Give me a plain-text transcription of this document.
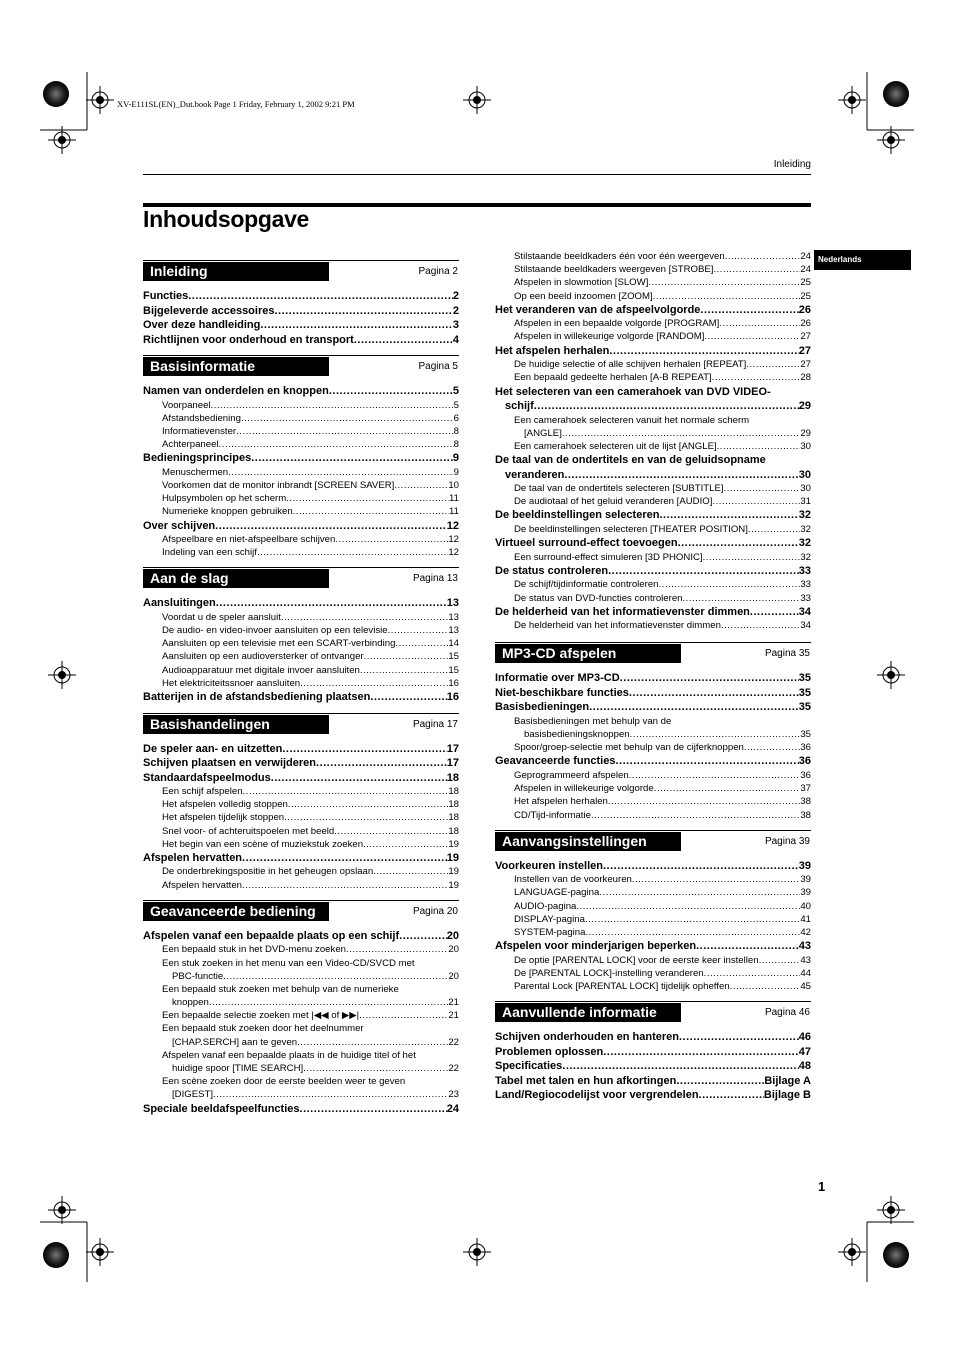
XV-E111SL(EN)_Dut.book Page 1 Friday, February 1, 2002 9:21 PM
Inleiding
Inhoudsopgave
Nederlands
1
Inleiding	Pagina 2
Functies .....	2
Bijgeleverde accessoires .....	2
Over deze handleiding .....	3
Richtlijnen voor onderhoud en transport .....	4
Basisinformatie	Pagina 5
Namen van onderdelen en knoppen .....	5
Voorpaneel .....	5
Afstandsbediening .....	6
Informatievenster .....	8
Achterpaneel .....	8
Bedieningsprincipes .....	9
Menuschermen .....	9
Voorkomen dat de monitor inbrandt [SCREEN SAVER] .....	10
Hulpsymbolen op het scherm .....	11
Numerieke knoppen gebruiken .....	11
Over schijven .....	12
Afspeelbare en niet-afspeelbare schijven .....	12
Indeling van een schijf .....	12
Aan de slag	Pagina 13
Aansluitingen .....	13
Voordat u de speler aansluit .....	13
De audio- en video-invoer aansluiten op een televisie .....	13
Aansluiten op een televisie met een SCART-verbinding .....	14
Aansluiten op een audioversterker of ontvanger .....	15
Audioapparatuur met digitale invoer aansluiten .....	15
Het elektriciteitssnoer aansluiten .....	16
Batterijen in de afstandsbediening plaatsen .....	16
Basishandelingen	Pagina 17
De speler aan- en uitzetten .....	17
Schijven plaatsen en verwijderen .....	17
Standaardafspeelmodus .....	18
Een schijf afspelen .....	18
Het afspelen volledig stoppen .....	18
Het afspelen tijdelijk stoppen .....	18
Snel voor- of achteruitspoelen met beeld .....	18
Het begin van een scène of muziekstuk zoeken .....	19
Afspelen hervatten .....	19
De onderbrekingspositie in het geheugen opslaan .....	19
Afspelen hervatten .....	19
Geavanceerde bediening	Pagina 20
Afspelen vanaf een bepaalde plaats op een schijf .....	20
Een bepaald stuk in het DVD-menu zoeken .....	20
Een stuk zoeken in het menu van een Video-CD/SVCD met
PBC-functie .....	20
Een bepaald stuk zoeken met behulp van de numerieke
knoppen .....	21
Een bepaalde selectie zoeken met |◀◀ of ▶▶| .....	21
Een bepaald stuk zoeken door het deelnummer
[CHAP.SERCH] aan te geven .....	22
Afspelen vanaf een bepaalde plaats in de huidige titel of het
huidige spoor [TIME SEARCH] .....	22
Een scène zoeken door de eerste beelden weer te geven
[DIGEST] .....	23
Speciale beeldafspeelfuncties .....	24
Stilstaande beeldkaders één voor één weergeven .....	24
Stilstaande beeldkaders weergeven [STROBE] .....	24
Afspelen in slowmotion [SLOW] .....	25
Op een beeld inzoomen [ZOOM] .....	25
Het veranderen van de afspeelvolgorde .....	26
Afspelen in een bepaalde volgorde [PROGRAM] .....	26
Afspelen in willekeurige volgorde [RANDOM] .....	27
Het afspelen herhalen .....	27
De huidige selectie of alle schijven herhalen [REPEAT] .....	27
Een bepaald gedeelte herhalen [A-B REPEAT] .....	28
Het selecteren van een camerahoek van DVD VIDEO-
schijf .....	29
Een camerahoek selecteren vanuit het normale scherm
[ANGLE] .....	29
Een camerahoek selecteren uit de lijst [ANGLE] .....	30
De taal van de ondertitels en van de geluidsopname
veranderen .....	30
De taal van de ondertitels selecteren [SUBTITLE] .....	30
De audiotaal of het geluid veranderen [AUDIO] .....	31
De beeldinstellingen selecteren .....	32
De beeldinstellingen selecteren [THEATER POSITION] .....	32
Virtueel surround-effect toevoegen .....	32
Een surround-effect simuleren [3D PHONIC] .....	32
De status controleren .....	33
De schijf/tijdinformatie controleren .....	33
De status van DVD-functies controleren .....	33
De helderheid van het informatievenster dimmen .....	34
De helderheid van het informatievenster dimmen .....	34
MP3-CD afspelen	Pagina 35
Informatie over MP3-CD .....	35
Niet-beschikbare functies .....	35
Basisbedieningen .....	35
Basisbedieningen met behulp van de
basisbedieningsknoppen .....	35
Spoor/groep-selectie met behulp van de cijferknoppen .....	36
Geavanceerde functies .....	36
Geprogrammeerd afspelen .....	36
Afspelen in willekeurige volgorde .....	37
Het afspelen herhalen .....	38
CD/Tijd-informatie .....	38
Aanvangsinstellingen	Pagina 39
Voorkeuren instellen .....	39
Instellen van de voorkeuren .....	39
LANGUAGE-pagina .....	39
AUDIO-pagina .....	40
DISPLAY-pagina .....	41
SYSTEM-pagina .....	42
Afspelen voor minderjarigen beperken .....	43
De optie [PARENTAL LOCK] voor de eerste keer instellen .....	43
De [PARENTAL LOCK]-instelling veranderen .....	44
Parental Lock [PARENTAL LOCK] tijdelijk opheffen .....	45
Aanvullende informatie	Pagina 46
Schijven onderhouden en hanteren .....	46
Problemen oplossen .....	47
Specificaties .....	48
Tabel met talen en hun afkortingen .....	Bijlage A
Land/Regiocodelijst voor vergrendelen .....	Bijlage B
